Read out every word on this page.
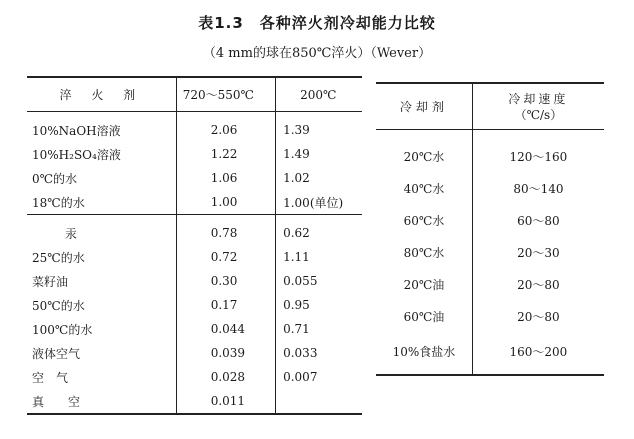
表1.3　各种淬火剂冷却能力比较
（4 mm的球在850℃淬火）（Wever）
淬 火 剂	720～550℃	200℃
10%NaOH溶液	2.06	1.39
10%H₂SO₄溶液	1.22	1.49
0℃的水	1.06	1.02
18℃的水	1.00	1.00(单位)
汞	0.78	0.62
25℃的水	0.72	1.11
菜籽油	0.30	0.055
50℃的水	0.17	0.95
100℃的水	0.044	0.71
液体空气	0.039	0.033
空　气	0.028	0.007
真　　空	0.011	
冷却剂	冷却速度
（℃/s）

20℃水	120～160
40℃水	80～140
60℃水	60～80
80℃水	20～30
20℃油	20～80
60℃油	20～80
10%食盐水	160～200
